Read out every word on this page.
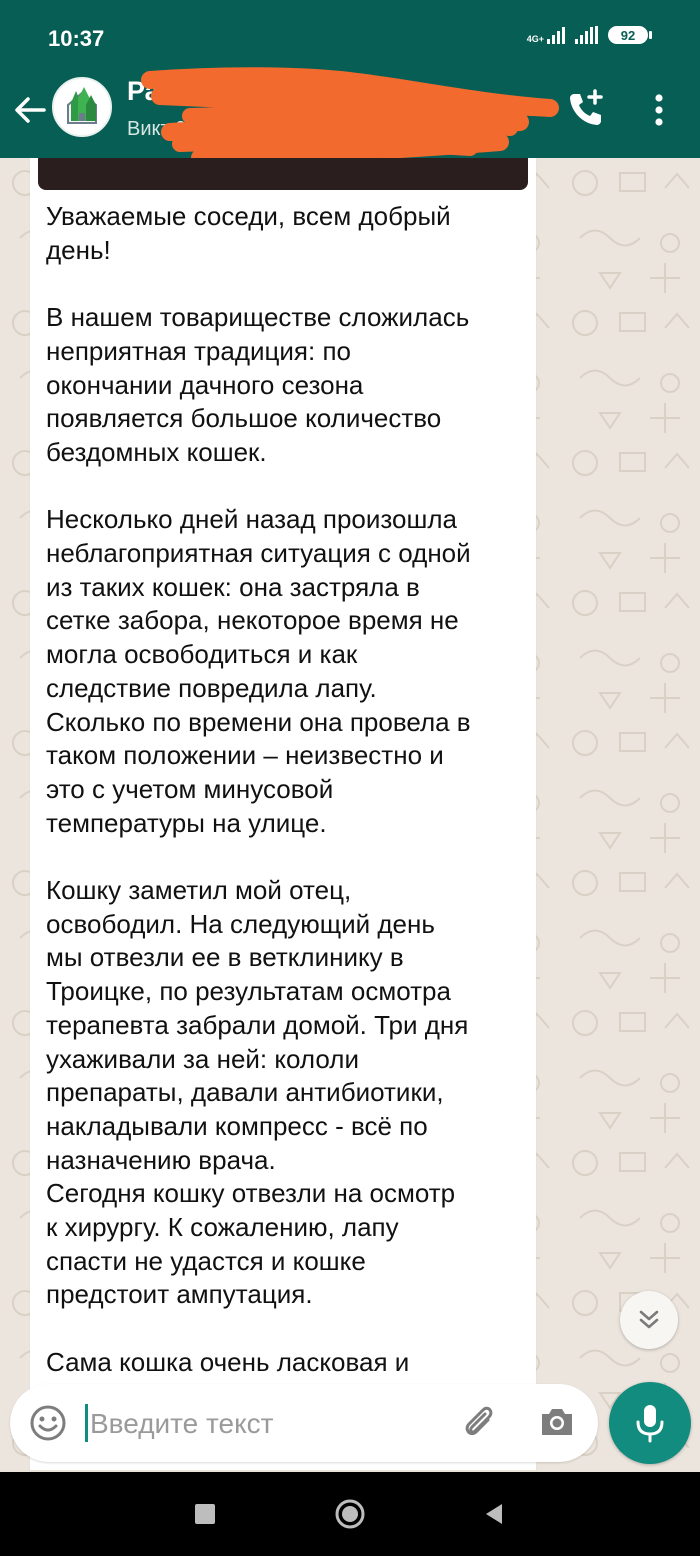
10:37	4G+	92
Ра
Викт 901 778 11-8...

Уважаемые соседи, всем добрый

день!

В нашем товариществе сложилась

неприятная традиция: по

окончании дачного сезона

появляется большое количество

бездомных кошек.

Несколько дней назад произошла

неблагоприятная ситуация с одной

из таких кошек: она застряла в

сетке забора, некоторое время не

могла освободиться и как

следствие повредила лапу.

Сколько по времени она провела в

таком положении – неизвестно и

это с учетом минусовой

температуры на улице.

Кошку заметил мой отец,

освободил. На следующий день

мы отвезли ее в ветклинику в

Троицке, по результатам осмотра

терапевта забрали домой. Три дня

ухаживали за ней: кололи

препараты, давали антибиотики,

накладывали компресс - всё по

назначению врача.

Сегодня кошку отвезли на осмотр

к хирургу. К сожалению, лапу

спасти не удастся и кошке

предстоит ампутация.

Сама кошка очень ласковая и

Введите текст
